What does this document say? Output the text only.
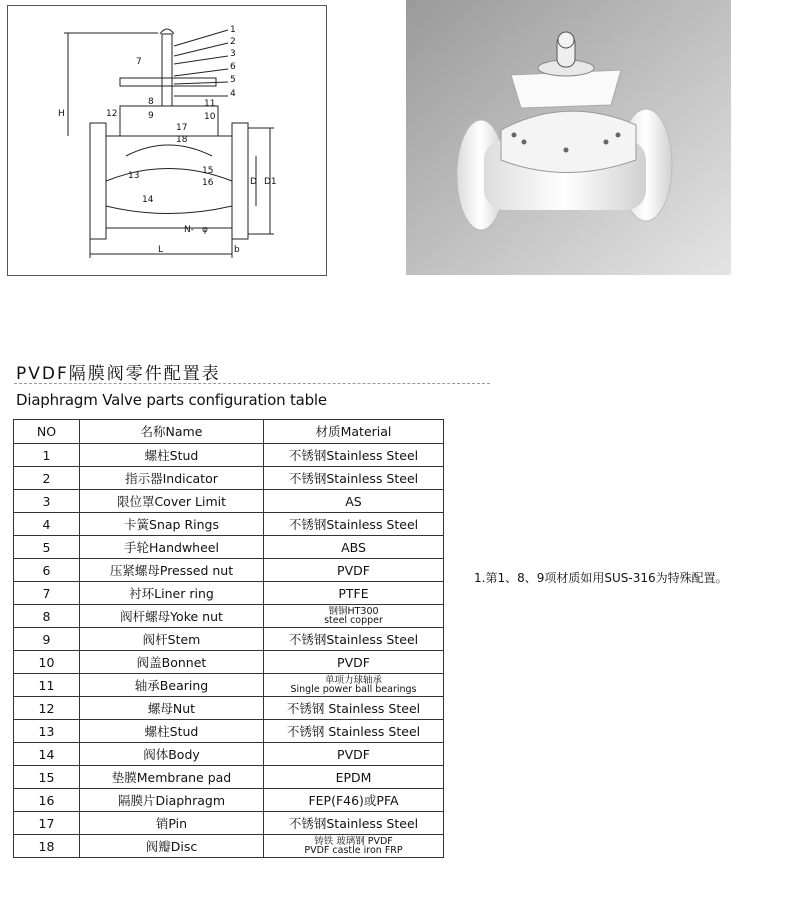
1
2
3
6
5
4
7
8
9	10
11
12
13
14
15
16
17
18
H
L	b
D D1
N- φ
PVDF隔膜阀零件配置表
Diaphragm Valve parts configuration table
NO	名称Name	材质Material
1	螺柱Stud	不锈钢Stainless Steel
2	指示器Indicator	不锈钢Stainless Steel
3	限位罩Cover Limit	AS
4	卡簧Snap Rings	不锈钢Stainless Steel
5	手轮Handwheel	ABS
6	压紧螺母Pressed nut	PVDF
7	衬环Liner ring	PTFE
8	阀杆螺母Yoke nut	钢铜HT300
steel copper

9	阀杆Stem	不锈钢Stainless Steel
10	阀盖Bonnet	PVDF
11	轴承Bearing	单项力球轴承
Single power ball bearings

12	螺母Nut	不锈钢 Stainless Steel
13	螺柱Stud	不锈钢 Stainless Steel
14	阀体Body	PVDF
15	垫膜Membrane pad	EPDM
16	隔膜片Diaphragm	FEP(F46)或PFA
17	销Pin	不锈钢Stainless Steel
18	阀瓣Disc	铸铁 玻璃钢 PVDF
PVDF castle iron FRP
1.第1、8、9项材质如用SUS-316为特殊配置。
